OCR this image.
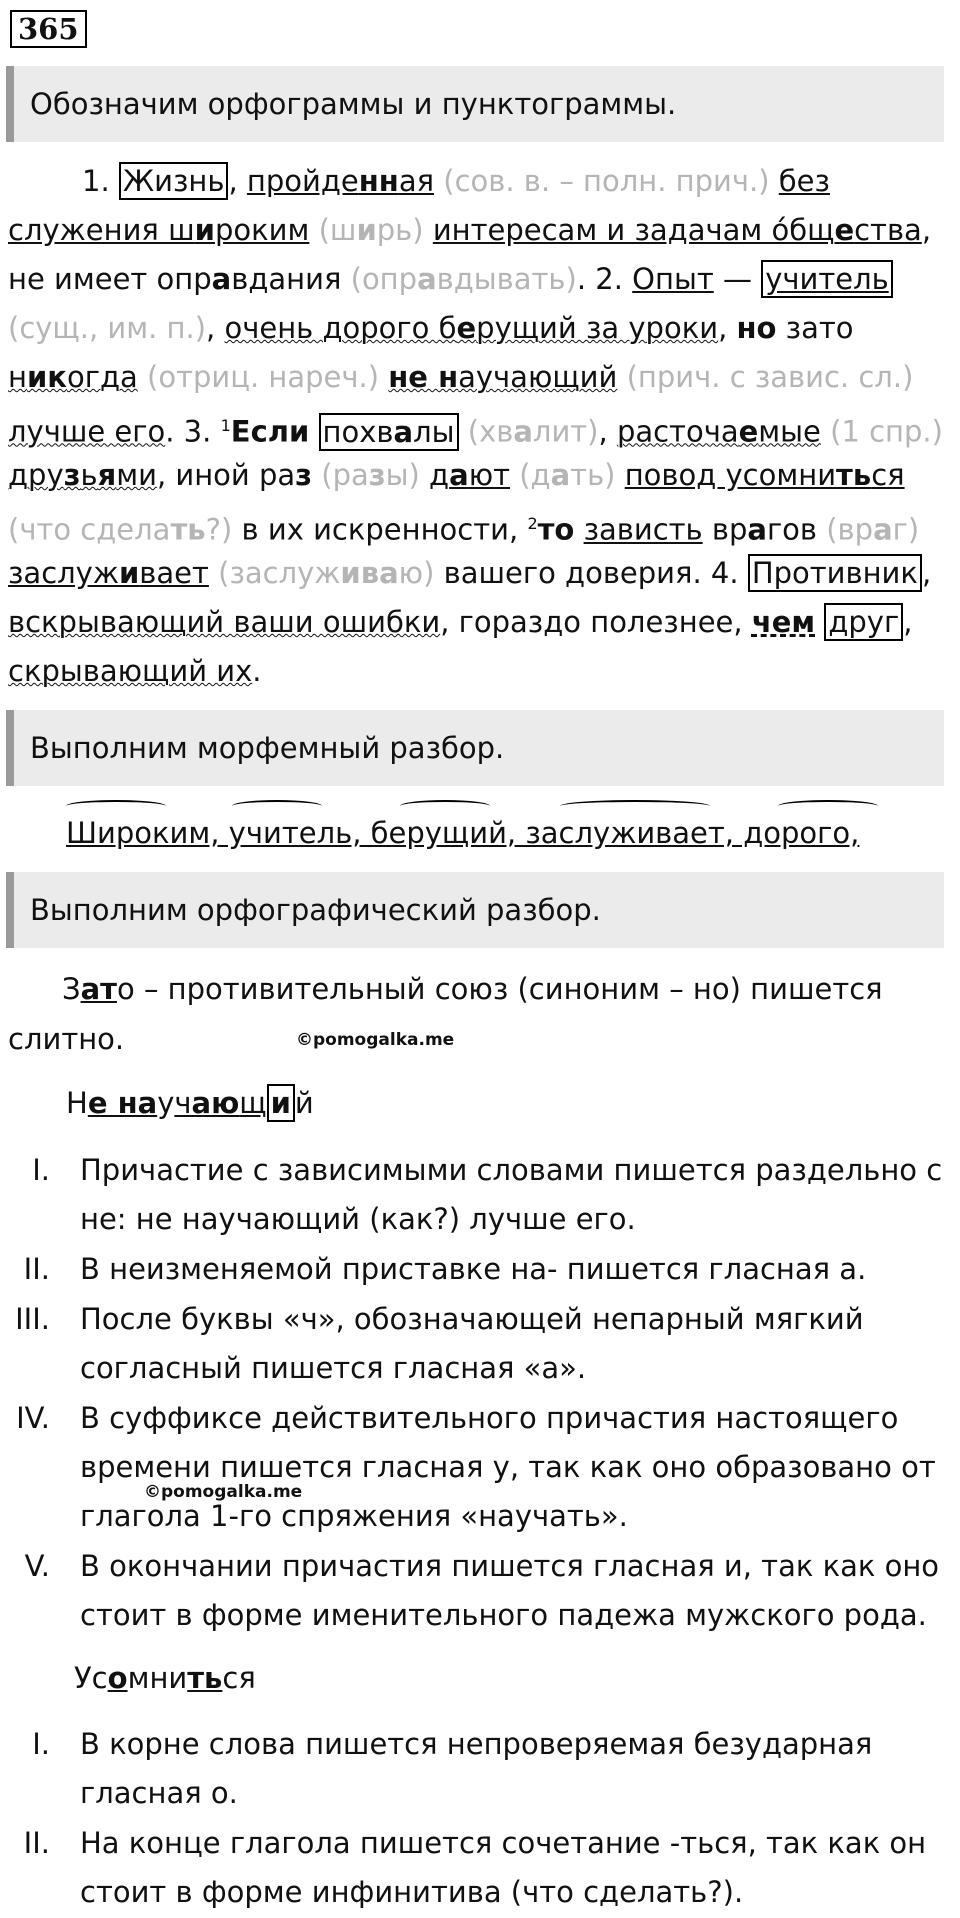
365
Обозначим орфограммы и пунктограммы.
1. Жизнь , пройденная (сов. в. – полн. прич.) без
служения широким (ширь) интересам и задачам о́бщества,
не имеет оправдания (оправдывать). 2. Опыт — учитель
(сущ., им. п.), очень дорого берущий за уроки, но зато
никогда (отриц. нареч.) не научающий (прич. с завис. сл.)
лучше его. 3. $^1$Если похвалы (хвалит), расточаемые (1 спр.)
друзьями, иной раз (разы) дают (дать) повод усомниться
(что сделать?) в их искренности, $^2$то зависть врагов (враг)
заслуживает (заслуживаю) вашего доверия. 4. Противник ,
вскрывающий ваши ошибки, гораздо полезнее, чем друг ,
скрывающий их.
Выполним морфемный разбор.
Широким, учитель, берущий, заслуживает, дорого,
Выполним орфографический разбор.
Зато – противительный союз (синоним – но) пишется
слитно.	©pomogalka.me
Не научающ и й
I. Причастие с зависимыми словами пишется раздельно с
не: не научающий (как?) лучше его.
II. В неизменяемой приставке на- пишется гласная а.
III. После буквы «ч», обозначающей непарный мягкий
согласный пишется гласная «а».
IV. В суффиксе действительного причастия настоящего
времени пишется гласная у, так как оно образовано от
глагола 1-го спряжения «научать».
V. В окончании причастия пишется гласная и, так как оно
стоит в форме именительного падежа мужского рода.
©pomogalka.me
Усомниться
I. В корне слова пишется непроверяемая безударная
гласная о.
II. На конце глагола пишется сочетание -ться, так как он
стоит в форме инфинитива (что сделать?).
